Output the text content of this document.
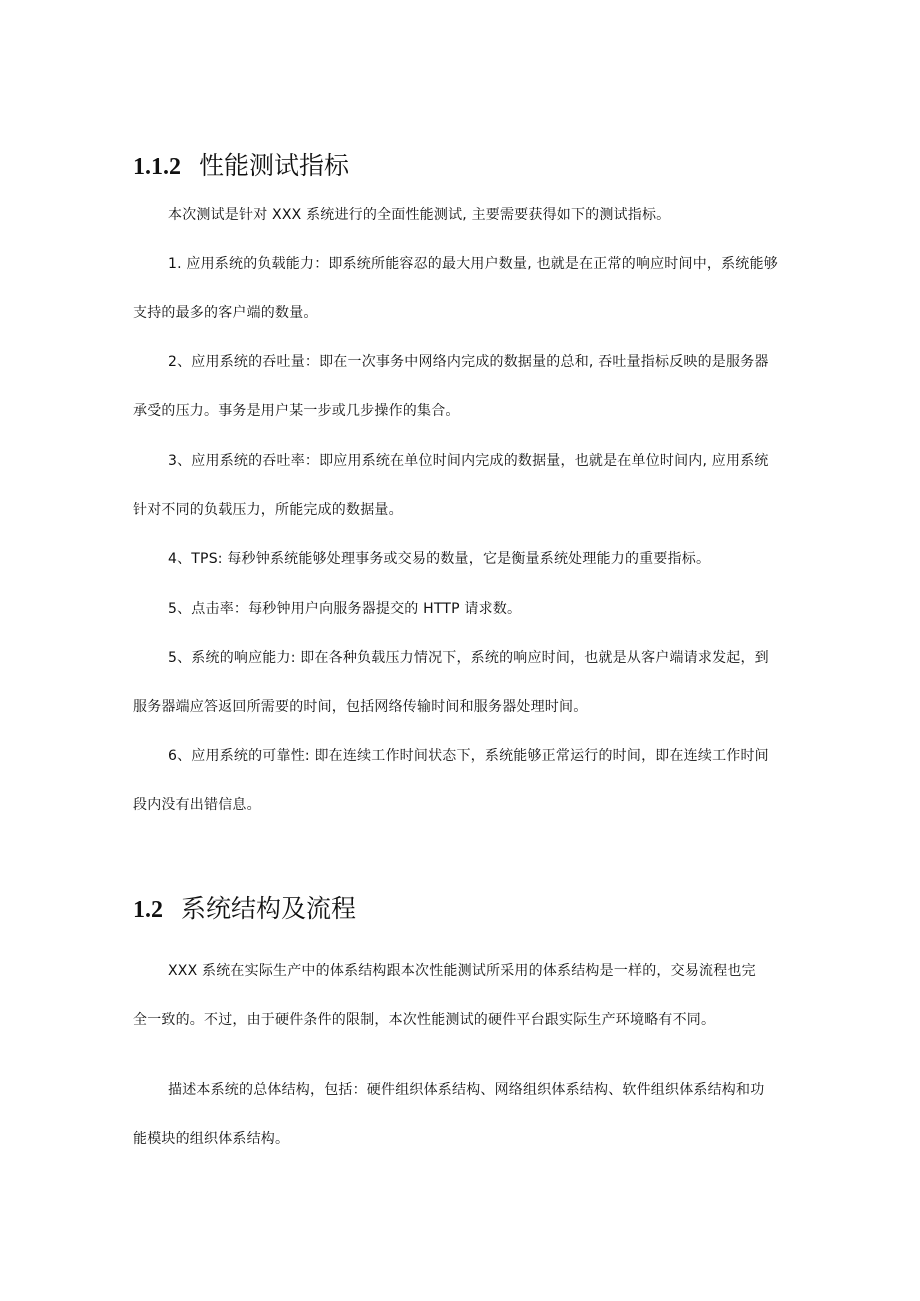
1.1.2 性能测试指标
本次测试是针对 XXX 系统进行的全面性能测试, 主要需要获得如下的测试指标。
1. 应用系统的负载能力：即系统所能容忍的最大用户数量, 也就是在正常的响应时间中，系统能够
支持的最多的客户端的数量。
2、应用系统的吞吐量：即在一次事务中网络内完成的数据量的总和, 吞吐量指标反映的是服务器
承受的压力。事务是用户某一步或几步操作的集合。
3、应用系统的吞吐率：即应用系统在单位时间内完成的数据量，也就是在单位时间内, 应用系统
针对不同的负载压力，所能完成的数据量。
4、TPS: 每秒钟系统能够处理事务或交易的数量，它是衡量系统处理能力的重要指标。
5、点击率：每秒钟用户向服务器提交的 HTTP 请求数。
5、系统的响应能力: 即在各种负载压力情况下，系统的响应时间，也就是从客户端请求发起，到
服务器端应答返回所需要的时间，包括网络传输时间和服务器处理时间。
6、应用系统的可靠性: 即在连续工作时间状态下，系统能够正常运行的时间，即在连续工作时间
段内没有出错信息。
1.2 系统结构及流程
XXX 系统在实际生产中的体系结构跟本次性能测试所采用的体系结构是一样的，交易流程也完
全一致的。不过，由于硬件条件的限制，本次性能测试的硬件平台跟实际生产环境略有不同。
描述本系统的总体结构，包括：硬件组织体系结构、网络组织体系结构、软件组织体系结构和功
能模块的组织体系结构。
